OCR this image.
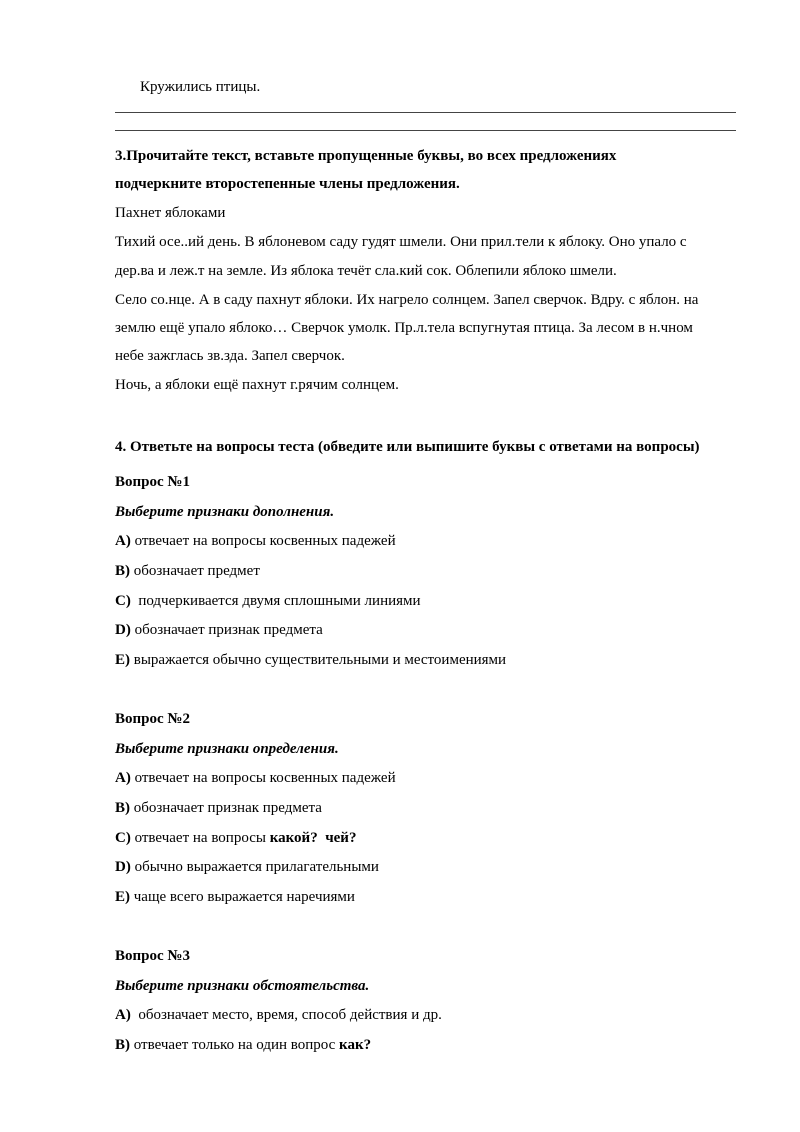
Кружились птицы.
3.Прочитайте текст, вставьте пропущенные буквы, во всех предложениях
подчеркните второстепенные члены предложения.
Пахнет яблоками
Тихий осе..ий день. В яблоневом саду гудят шмели. Они прил.тели к яблоку. Оно упало с
дер.ва и леж.т на земле. Из яблока течёт сла.кий сок. Облепили яблоко шмели.
Село со.нце. А в саду пахнут яблоки. Их нагрело солнцем. Запел сверчок. Вдру. с яблон. на
землю ещё упало яблоко… Сверчок умолк. Пр.л.тела вспугнутая птица. За лесом в н.чном
небе зажглась зв.зда. Запел сверчок.
Ночь, а яблоки ещё пахнут г.рячим солнцем.
4. Ответьте на вопросы теста (обведите или выпишите буквы с ответами на вопросы)
Вопрос №1
Выберите признаки дополнения.
A) отвечает на вопросы косвенных падежей
B) обозначает предмет
C)  подчеркивается двумя сплошными линиями
D) обозначает признак предмета
E) выражается обычно существительными и местоимениями
Вопрос №2
Выберите признаки определения.
A) отвечает на вопросы косвенных падежей
B) обозначает признак предмета
C) отвечает на вопросы какой?  чей?
D) обычно выражается прилагательными
E) чаще всего выражается наречиями
Вопрос №3
Выберите признаки обстоятельства.
A)  обозначает место, время, способ действия и др.
B) отвечает только на один вопрос как?
